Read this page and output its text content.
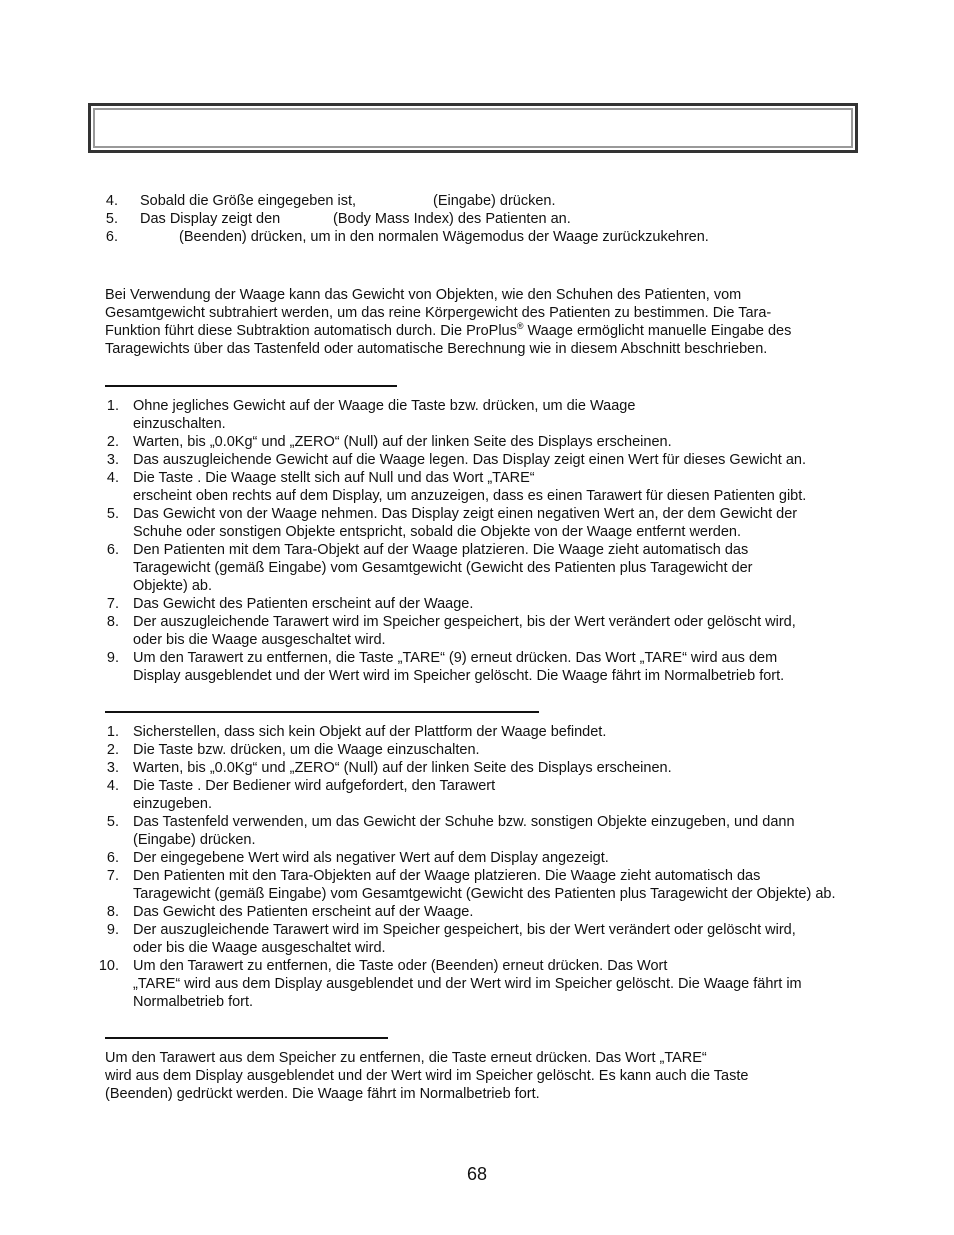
4. Sobald die Größe eingegeben ist,	(Eingabe) drücken.
5. Das Display zeigt den	(Body Mass Index) des Patienten an.
6.	(Beenden) drücken, um in den normalen Wägemodus der Waage zurückzukehren.
Bei Verwendung der Waage kann das Gewicht von Objekten, wie den Schuhen des Patienten, vom
Gesamtgewicht subtrahiert werden, um das reine Körpergewicht des Patienten zu bestimmen. Die Tara-
Funktion führt diese Subtraktion automatisch durch. Die ProPlus® Waage ermöglicht manuelle Eingabe des
Taragewichts über das Tastenfeld oder automatische Berechnung wie in diesem Abschnitt beschrieben.
1. Ohne jegliches Gewicht auf der Waage die Taste bzw. drücken, um die Waage
einzuschalten.
2. Warten, bis „0.0Kg“ und „ZERO“ (Null) auf der linken Seite des Displays erscheinen.
3. Das auszugleichende Gewicht auf die Waage legen. Das Display zeigt einen Wert für dieses Gewicht an.
4. Die Taste . Die Waage stellt sich auf Null und das Wort „TARE“
erscheint oben rechts auf dem Display, um anzuzeigen, dass es einen Tarawert für diesen Patienten gibt.
5. Das Gewicht von der Waage nehmen. Das Display zeigt einen negativen Wert an, der dem Gewicht der
Schuhe oder sonstigen Objekte entspricht, sobald die Objekte von der Waage entfernt werden.
6. Den Patienten mit dem Tara-Objekt auf der Waage platzieren. Die Waage zieht automatisch das
Taragewicht (gemäß Eingabe) vom Gesamtgewicht (Gewicht des Patienten plus Taragewicht der
Objekte) ab.
7. Das Gewicht des Patienten erscheint auf der Waage.
8. Der auszugleichende Tarawert wird im Speicher gespeichert, bis der Wert verändert oder gelöscht wird,
oder bis die Waage ausgeschaltet wird.
9. Um den Tarawert zu entfernen, die Taste „TARE“ (9) erneut drücken. Das Wort „TARE“ wird aus dem
Display ausgeblendet und der Wert wird im Speicher gelöscht. Die Waage fährt im Normalbetrieb fort.
1. Sicherstellen, dass sich kein Objekt auf der Plattform der Waage befindet.
2. Die Taste bzw. drücken, um die Waage einzuschalten.
3. Warten, bis „0.0Kg“ und „ZERO“ (Null) auf der linken Seite des Displays erscheinen.
4. Die Taste . Der Bediener wird aufgefordert, den Tarawert
einzugeben.
5. Das Tastenfeld verwenden, um das Gewicht der Schuhe bzw. sonstigen Objekte einzugeben, und dann
(Eingabe) drücken.
6. Der eingegebene Wert wird als negativer Wert auf dem Display angezeigt.
7. Den Patienten mit den Tara-Objekten auf der Waage platzieren. Die Waage zieht automatisch das
Taragewicht (gemäß Eingabe) vom Gesamtgewicht (Gewicht des Patienten plus Taragewicht der Objekte) ab.
8. Das Gewicht des Patienten erscheint auf der Waage.
9. Der auszugleichende Tarawert wird im Speicher gespeichert, bis der Wert verändert oder gelöscht wird,
oder bis die Waage ausgeschaltet wird.
10. Um den Tarawert zu entfernen, die Taste oder (Beenden) erneut drücken. Das Wort
„TARE“ wird aus dem Display ausgeblendet und der Wert wird im Speicher gelöscht. Die Waage fährt im
Normalbetrieb fort.
Um den Tarawert aus dem Speicher zu entfernen, die Taste erneut drücken. Das Wort „TARE“
wird aus dem Display ausgeblendet und der Wert wird im Speicher gelöscht. Es kann auch die Taste
(Beenden) gedrückt werden. Die Waage fährt im Normalbetrieb fort.
68
